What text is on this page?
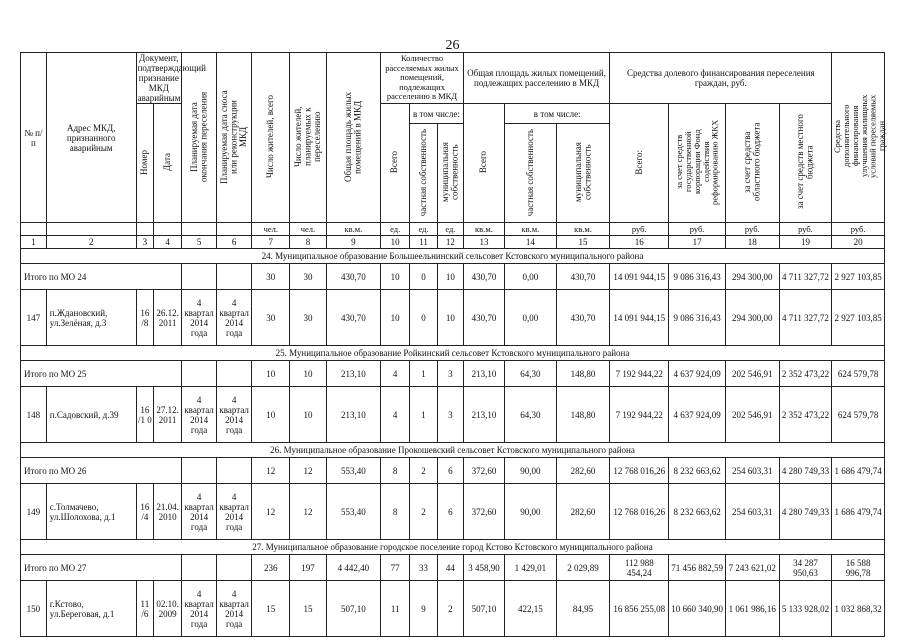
26
№ п/п	Адрес МКД, признанного аварийным	Документ, подтверждающий признание МКД аварийным		Планируемая дата окончания переселения	Планируемая дата сноса или реконструкции МКД	Число жителей, всего	Число жителей, планируемых к переселению	Общая площадь жилых помещений в МКД	Количество расселяемых жилых помещений, подлежащих расселению в МКД			Общая площадь жилых помещений, подлежащих расселению в МКД			Средства долевого финансирования переселения граждан, руб.				Средства дополнительного финансирования улучшения жилищных условий переселяемых граждан
		Номер	Дата						Всего	в том числе:		Всего	в том числе:		Всего:	за счет средств государственной корпорации Фонд содействия реформированию ЖКХ	за счет средства областного бюджета	за счет средств местного бюджета	
										частная собственность	муниципальная собственность		частная собственность	муниципальная собственность					
						чел.	чел.	кв.м.	ед.	ед.	ед.	кв.м.	кв.м.	кв.м.	руб.	руб.	руб.	руб.	руб.
1	2	3	4	5	6	7	8	9	10	11	12	13	14	15	16	17	18	19	20
24. Муниципальное образование Большеельнинский сельсовет Кстовского муниципального района																			
Итого по МО 24						30	30	430,70	10	0	10	430,70	0,00	430,70	14 091 944,15	9 086 316,43	294 300,00	4 711 327,72	2 927 103,85
147	п.Ждановский, ул.Зелёная, д.3	16 /8	26.12. 2011	4 квартал 2014 года	4 квартал 2014 года	30	30	430,70	10	0	10	430,70	0,00	430,70	14 091 944,15	9 086 316,43	294 300,00	4 711 327,72	2 927 103,85
25. Муниципальное образование Ройкинский сельсовет Кстовского муниципального района																			
Итого по МО 25						10	10	213,10	4	1	3	213,10	64,30	148,80	7 192 944,22	4 637 924,09	202 546,91	2 352 473,22	624 579,78
148	п.Садовский, д.39	16 /1 0	27.12. 2011	4 квартал 2014 года	4 квартал 2014 года	10	10	213,10	4	1	3	213,10	64,30	148,80	7 192 944,22	4 637 924,09	202 546,91	2 352 473,22	624 579,78
26. Муниципальное образование Прокошевский сельсовет Кстовского муниципального района																			
Итого по МО 26						12	12	553,40	8	2	6	372,60	90,00	282,60	12 768 016,26	8 232 663,62	254 603,31	4 280 749,33	1 686 479,74
149	с.Толмачево, ул.Шолохова, д.1	16 /4	21.04. 2010	4 квартал 2014 года	4 квартал 2014 года	12	12	553,40	8	2	6	372,60	90,00	282,60	12 768 016,26	8 232 663,62	254 603,31	4 280 749,33	1 686 479,74
27. Муниципальное образование городское поселение город Кстово Кстовского муниципального района																			
Итого по МО 27						236	197	4 442,40	77	33	44	3 458,90	1 429,01	2 029,89	112 988 454,24	71 456 882,59	7 243 621,02	34 287 950,63	16 588 996,78
150	г.Кстово, ул.Береговая, д.1	11 /6	02.10. 2009	4 квартал 2014 года	4 квартал 2014 года	15	15	507,10	11	9	2	507,10	422,15	84,95	16 856 255,08	10 660 340,90	1 061 986,16	5 133 928,02	1 032 868,32
